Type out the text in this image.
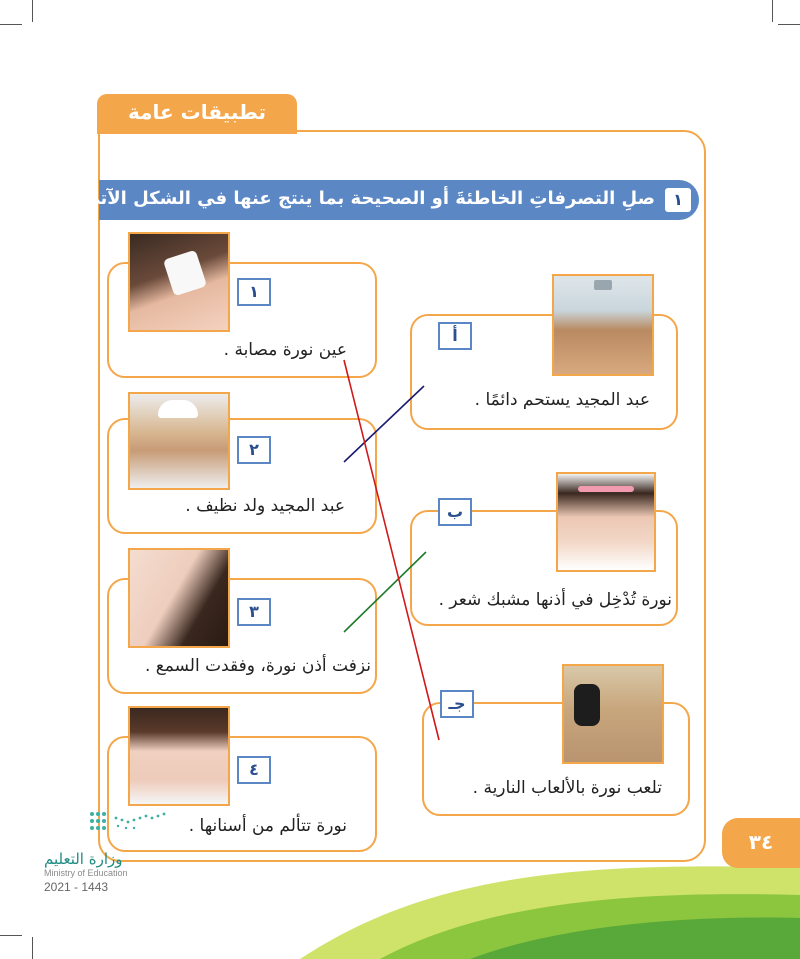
تطبيقات عامة
١
صلِ التصرفاتِ الخاطئةَ أو الصحيحة بما ينتج عنها في الشكل الآتي :
١
عين نورة مصابة .
٢
عبد المجيد ولد نظيف .
٣
نزفت أذن نورة، وفقدت السمع .
٤
نورة تتألم من أسنانها .
أ
عبد المجيد يستحم دائمًا .
ب
نورة تُدْخِل في أذنها مشبك شعر .
جـ
تلعب نورة بالألعاب النارية .
٣٤
وزارة التعليم
Ministry of Education
2021 - 1443
